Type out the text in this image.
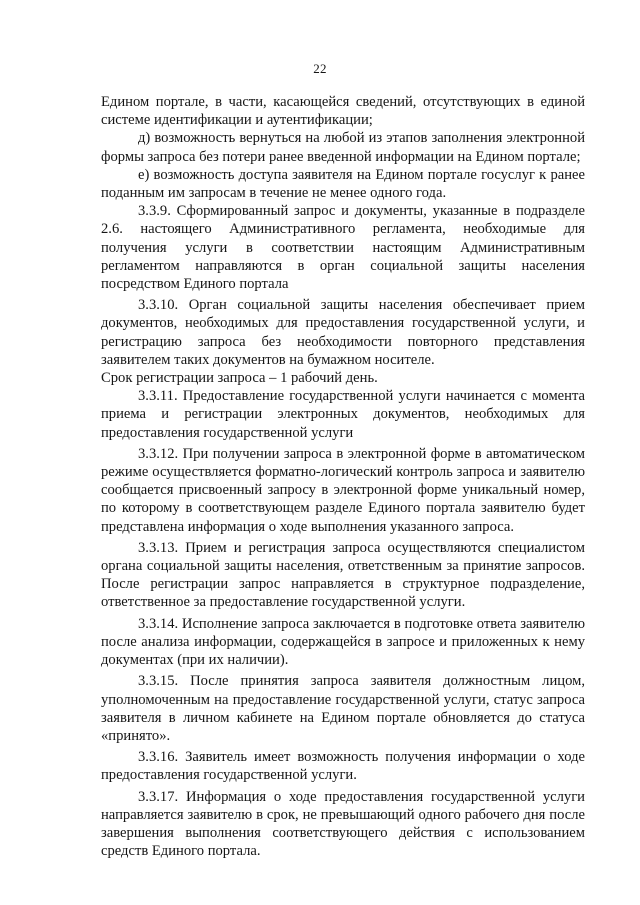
22

Едином портале, в части, касающейся сведений, отсутствующих в единой системе идентификации и аутентификации;

д) возможность вернуться на любой из этапов заполнения электронной формы запроса без потери ранее введенной информации на Едином портале;

е) возможность доступа заявителя на Едином портале госуслуг к ранее поданным им запросам в течение не менее одного года.

3.3.9. Сформированный запрос и документы, указанные в подразделе 2.6. настоящего Административного регламента, необходимые для получения услуги в соответствии настоящим Административным регламентом направляются в орган социальной защиты населения посредством Единого портала

3.3.10. Орган социальной защиты населения обеспечивает прием документов, необходимых для предоставления государственной услуги, и регистрацию запроса без необходимости повторного представления заявителем таких документов на бумажном носителе.

Срок регистрации запроса – 1 рабочий день.

3.3.11. Предоставление государственной услуги начинается с момента приема и регистрации электронных документов, необходимых для предоставления государственной услуги

3.3.12. При получении запроса в электронной форме в автоматическом режиме осуществляется форматно-логический контроль запроса и заявителю сообщается присвоенный запросу в электронной форме уникальный номер, по которому в соответствующем разделе Единого портала заявителю будет представлена информация о ходе выполнения указанного запроса.

3.3.13. Прием и регистрация запроса осуществляются специалистом органа социальной защиты населения, ответственным за принятие запросов. После регистрации запрос направляется в структурное подразделение, ответственное за предоставление государственной услуги.

3.3.14. Исполнение запроса заключается в подготовке ответа заявителю после анализа информации, содержащейся в запросе и приложенных к нему документах (при их наличии).

3.3.15. После принятия запроса заявителя должностным лицом, уполномоченным на предоставление государственной услуги, статус запроса заявителя в личном кабинете на Едином портале обновляется до статуса «принято».

3.3.16. Заявитель имеет возможность получения информации о ходе предоставления государственной услуги.

3.3.17. Информация о ходе предоставления государственной услуги направляется заявителю в срок, не превышающий одного рабочего дня после завершения выполнения соответствующего действия с использованием средств Единого портала.
